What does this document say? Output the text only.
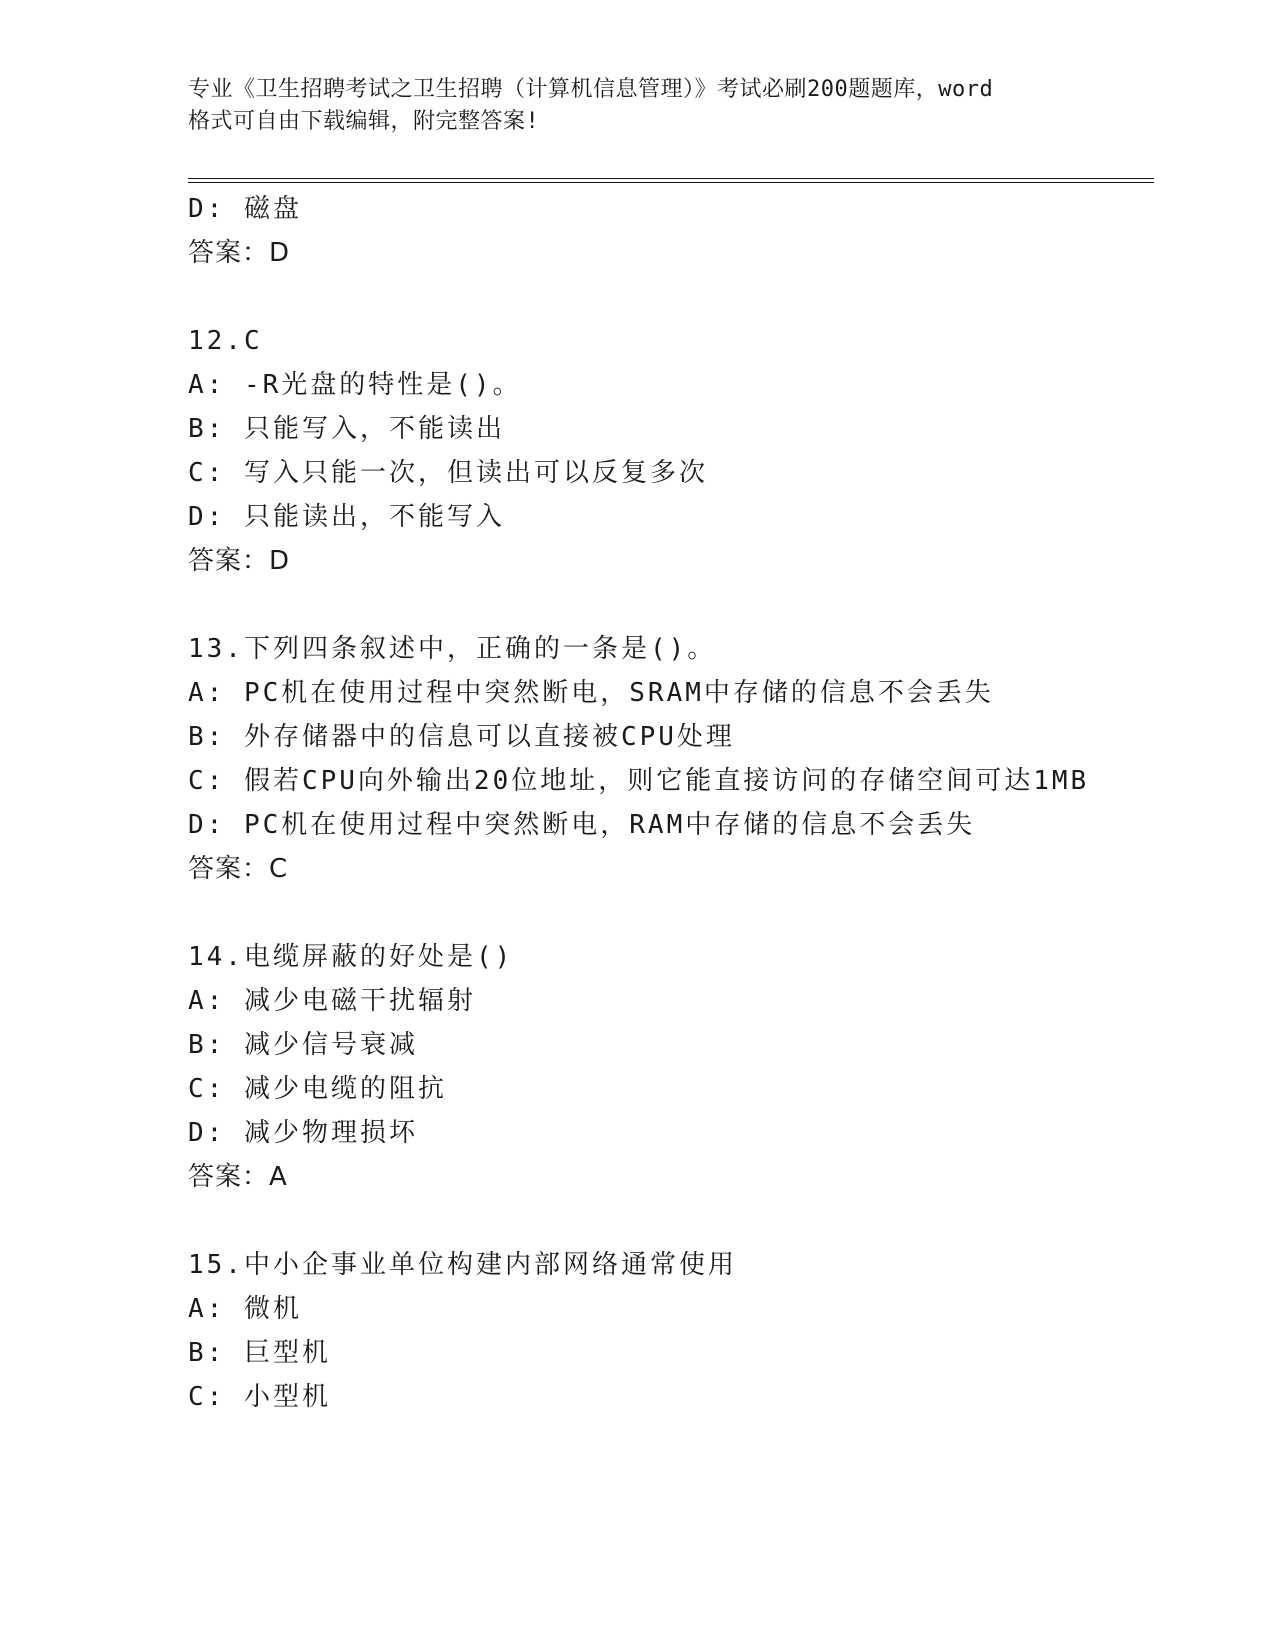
专业《卫生招聘考试之卫生招聘（计算机信息管理）》考试必刷200题题库，word
格式可自由下载编辑，附完整答案!
D: 磁盘
答案：D
12.C
A: -R光盘的特性是()。
B: 只能写入，不能读出
C: 写入只能一次，但读出可以反复多次
D: 只能读出，不能写入
答案：D
13.下列四条叙述中，正确的一条是()。
A: PC机在使用过程中突然断电，SRAM中存储的信息不会丢失
B: 外存储器中的信息可以直接被CPU处理
C: 假若CPU向外输出20位地址，则它能直接访问的存储空间可达1MB
D: PC机在使用过程中突然断电，RAM中存储的信息不会丢失
答案：C
14.电缆屏蔽的好处是()
A: 减少电磁干扰辐射
B: 减少信号衰减
C: 减少电缆的阻抗
D: 减少物理损坏
答案：A
15.中小企事业单位构建内部网络通常使用
A: 微机
B: 巨型机
C: 小型机
